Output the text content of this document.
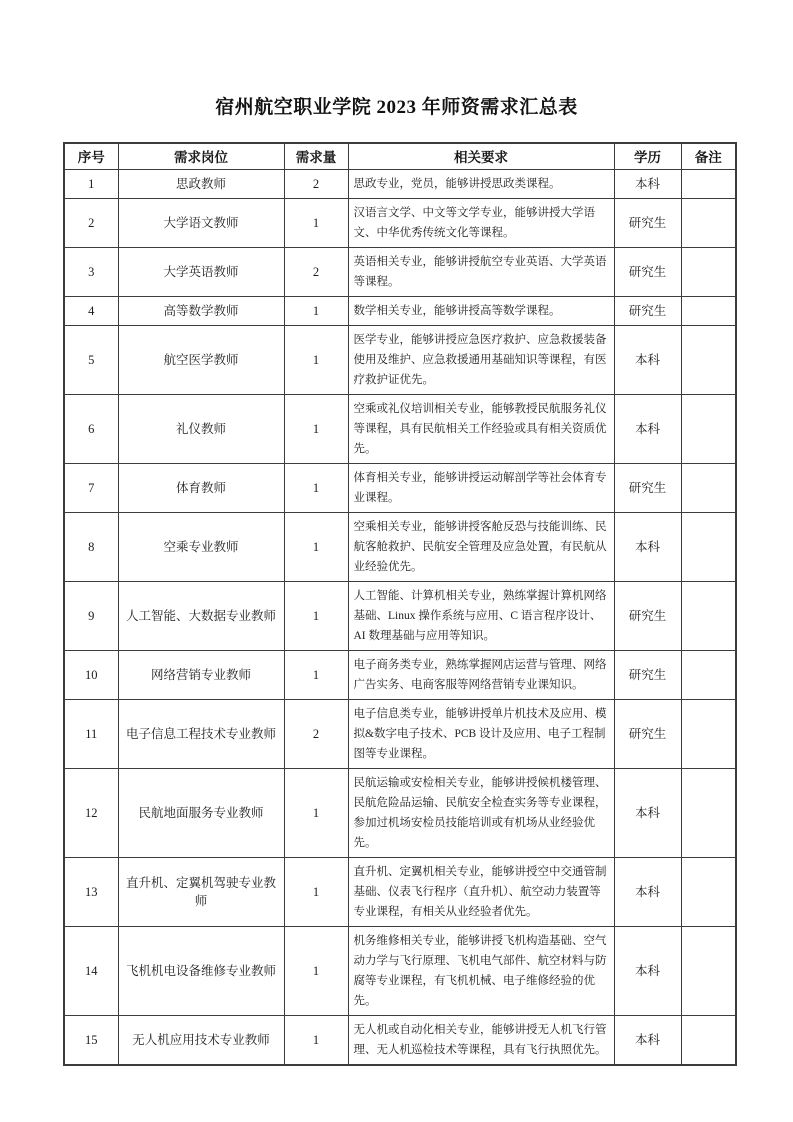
宿州航空职业学院 2023 年师资需求汇总表
序号	需求岗位	需求量	相关要求	学历	备注
1	思政教师	2	思政专业，党员，能够讲授思政类课程。	本科	
2	大学语文教师	1	汉语言文学、中文等文学专业，能够讲授大学语文、中华优秀传统文化等课程。	研究生	
3	大学英语教师	2	英语相关专业，能够讲授航空专业英语、大学英语等课程。	研究生	
4	高等数学教师	1	数学相关专业，能够讲授高等数学课程。	研究生	
5	航空医学教师	1	医学专业，能够讲授应急医疗救护、应急救援装备使用及维护、应急救援通用基础知识等课程，有医疗救护证优先。	本科	
6	礼仪教师	1	空乘或礼仪培训相关专业，能够教授民航服务礼仪等课程，具有民航相关工作经验或具有相关资质优先。	本科	
7	体育教师	1	体育相关专业，能够讲授运动解剖学等社会体育专业课程。	研究生	
8	空乘专业教师	1	空乘相关专业，能够讲授客舱反恐与技能训练、民航客舱救护、民航安全管理及应急处置，有民航从业经验优先。	本科	
9	人工智能、大数据专业教师	1	人工智能、计算机相关专业，熟练掌握计算机网络基础、Linux 操作系统与应用、C 语言程序设计、AI 数理基础与应用等知识。	研究生	
10	网络营销专业教师	1	电子商务类专业，熟练掌握网店运营与管理、网络广告实务、电商客服等网络营销专业课知识。	研究生	
11	电子信息工程技术专业教师	2	电子信息类专业，能够讲授单片机技术及应用、模拟&数字电子技术、PCB 设计及应用、电子工程制图等专业课程。	研究生	
12	民航地面服务专业教师	1	民航运输或安检相关专业，能够讲授候机楼管理、民航危险品运输、民航安全检查实务等专业课程，参加过机场安检员技能培训或有机场从业经验优先。	本科	
13	直升机、定翼机驾驶专业教师	1	直升机、定翼机相关专业，能够讲授空中交通管制基础、仪表飞行程序（直升机）、航空动力装置等专业课程，有相关从业经验者优先。	本科	
14	飞机机电设备维修专业教师	1	机务维修相关专业，能够讲授飞机构造基础、空气动力学与飞行原理、飞机电气部件、航空材料与防腐等专业课程，有飞机机械、电子维修经验的优先。	本科	
15	无人机应用技术专业教师	1	无人机或自动化相关专业，能够讲授无人机飞行管理、无人机巡检技术等课程，具有飞行执照优先。	本科	
